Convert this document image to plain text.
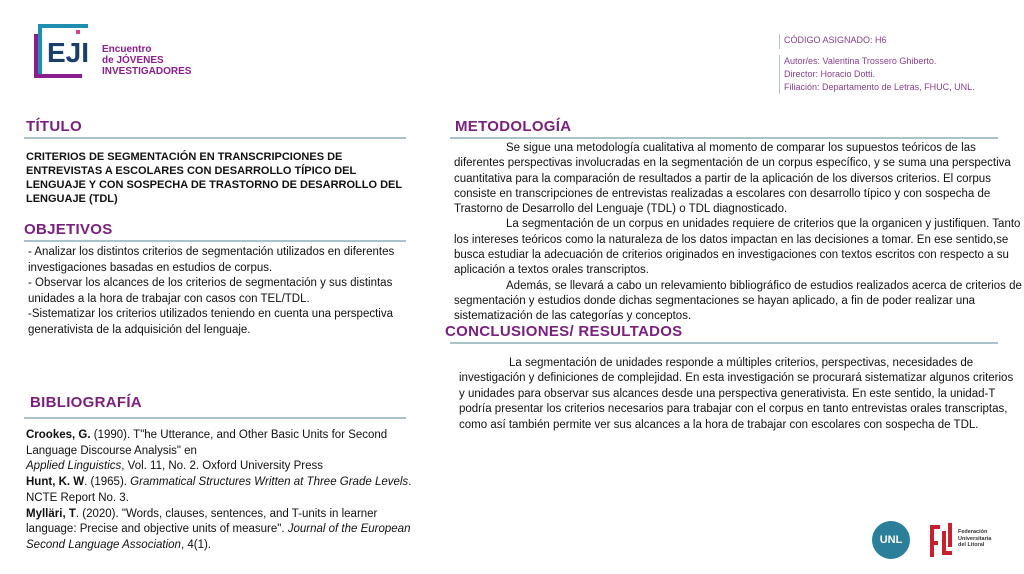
EJI Encuentro
de JÓVENES
INVESTIGADORES
CÓDIGO ASIGNADO: H6
Autor/es: Valentina Trossero Ghiberto.
Director: Horacio Dotti.
Filiación: Departamento de Letras, FHUC, UNL.
TÍTULO
CRITERIOS DE SEGMENTACIÓN EN TRANSCRIPCIONES DE ENTREVISTAS A ESCOLARES CON DESARROLLO TÍPICO DEL LENGUAJE Y CON SOSPECHA DE TRASTORNO DE DESARROLLO DEL LENGUAJE (TDL)
OBJETIVOS
- Analizar los distintos criterios de segmentación utilizados en diferentes investigaciones basadas en estudios de corpus.
- Observar los alcances de los criterios de segmentación y sus distintas unidades a la hora de trabajar con casos con TEL/TDL.
-Sistematizar los criterios utilizados teniendo en cuenta una perspectiva generativista de la adquisición del lenguaje.
BIBLIOGRAFÍA

Crookes, G. (1990). T"he Utterance, and Other Basic Units for Second Language Discourse Analysis" en
Applied Linguistics, Vol. 11, No. 2. Oxford University Press

Hunt, K. W. (1965). Grammatical Structures Written at Three Grade Levels. NCTE Report No. 3.

Mylläri, T. (2020). "Words, clauses, sentences, and T-units in learner language: Precise and objective units of measure". Journal of the European Second Language Association, 4(1).

METODOLOGÍA

Se sigue una metodología cualitativa al momento de comparar los supuestos teóricos de las diferentes perspectivas involucradas en la segmentación de un corpus específico, y se suma una perspectiva cuantitativa para la comparación de resultados a partir de la aplicación de los diversos criterios. El corpus consiste en transcripciones de entrevistas realizadas a escolares con desarrollo típico y con sospecha de Trastorno de Desarrollo del Lenguaje (TDL) o TDL diagnosticado.

La segmentación de un corpus en unidades requiere de criterios que la organicen y justifiquen. Tanto los intereses teóricos como la naturaleza de los datos impactan en las decisiones a tomar. En ese sentido,se busca estudiar la adecuación de criterios originados en investigaciones con textos escritos con respecto a su aplicación a textos orales transcriptos.

Además, se llevará a cabo un relevamiento bibliográfico de estudios realizados acerca de criterios de segmentación y estudios donde dichas segmentaciones se hayan aplicado, a fin de poder realizar una sistematización de las categorías y conceptos.

CONCLUSIONES/ RESULTADOS

La segmentación de unidades responde a múltiples criterios, perspectivas, necesidades de investigación y definiciones de complejidad. En esta investigación se procurará sistematizar algunos criterios y unidades para observar sus alcances desde una perspectiva generativista. En este sentido, la unidad-T podría presentar los criterios necesarios para trabajar con el corpus en tanto entrevistas orales transcriptas, como así también permite ver sus alcances a la hora de trabajar con escolares con sospecha de TDL.

UNL
Federación
Universitaria
del Litoral
